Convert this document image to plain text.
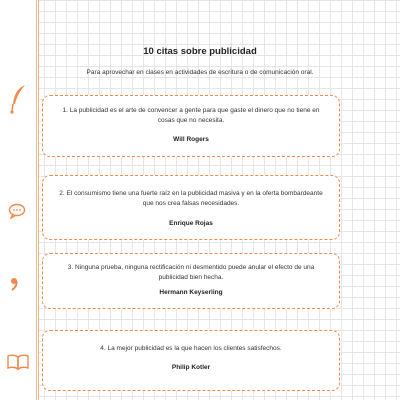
10 citas sobre publicidad
Para aprovechar en clases en actividades de escritura o de comunicación oral.
1. La publicidad es el arte de convencer a gente para que gaste el dinero que no tiene en cosas que no necesita.
Will Rogers
2. El consumismo tiene una fuerte raíz en la publicidad masiva y en la oferta bombardeante que nos crea falsas necesidades.
Enrique Rojas
3. Ninguna prueba, ninguna rectificación ni desmentido puede anular el efecto de una publicidad bien hecha.
Hermann Keyserling
4. La mejor publicidad es la que hacen los clientes satisfechos.
Philip Kotler
